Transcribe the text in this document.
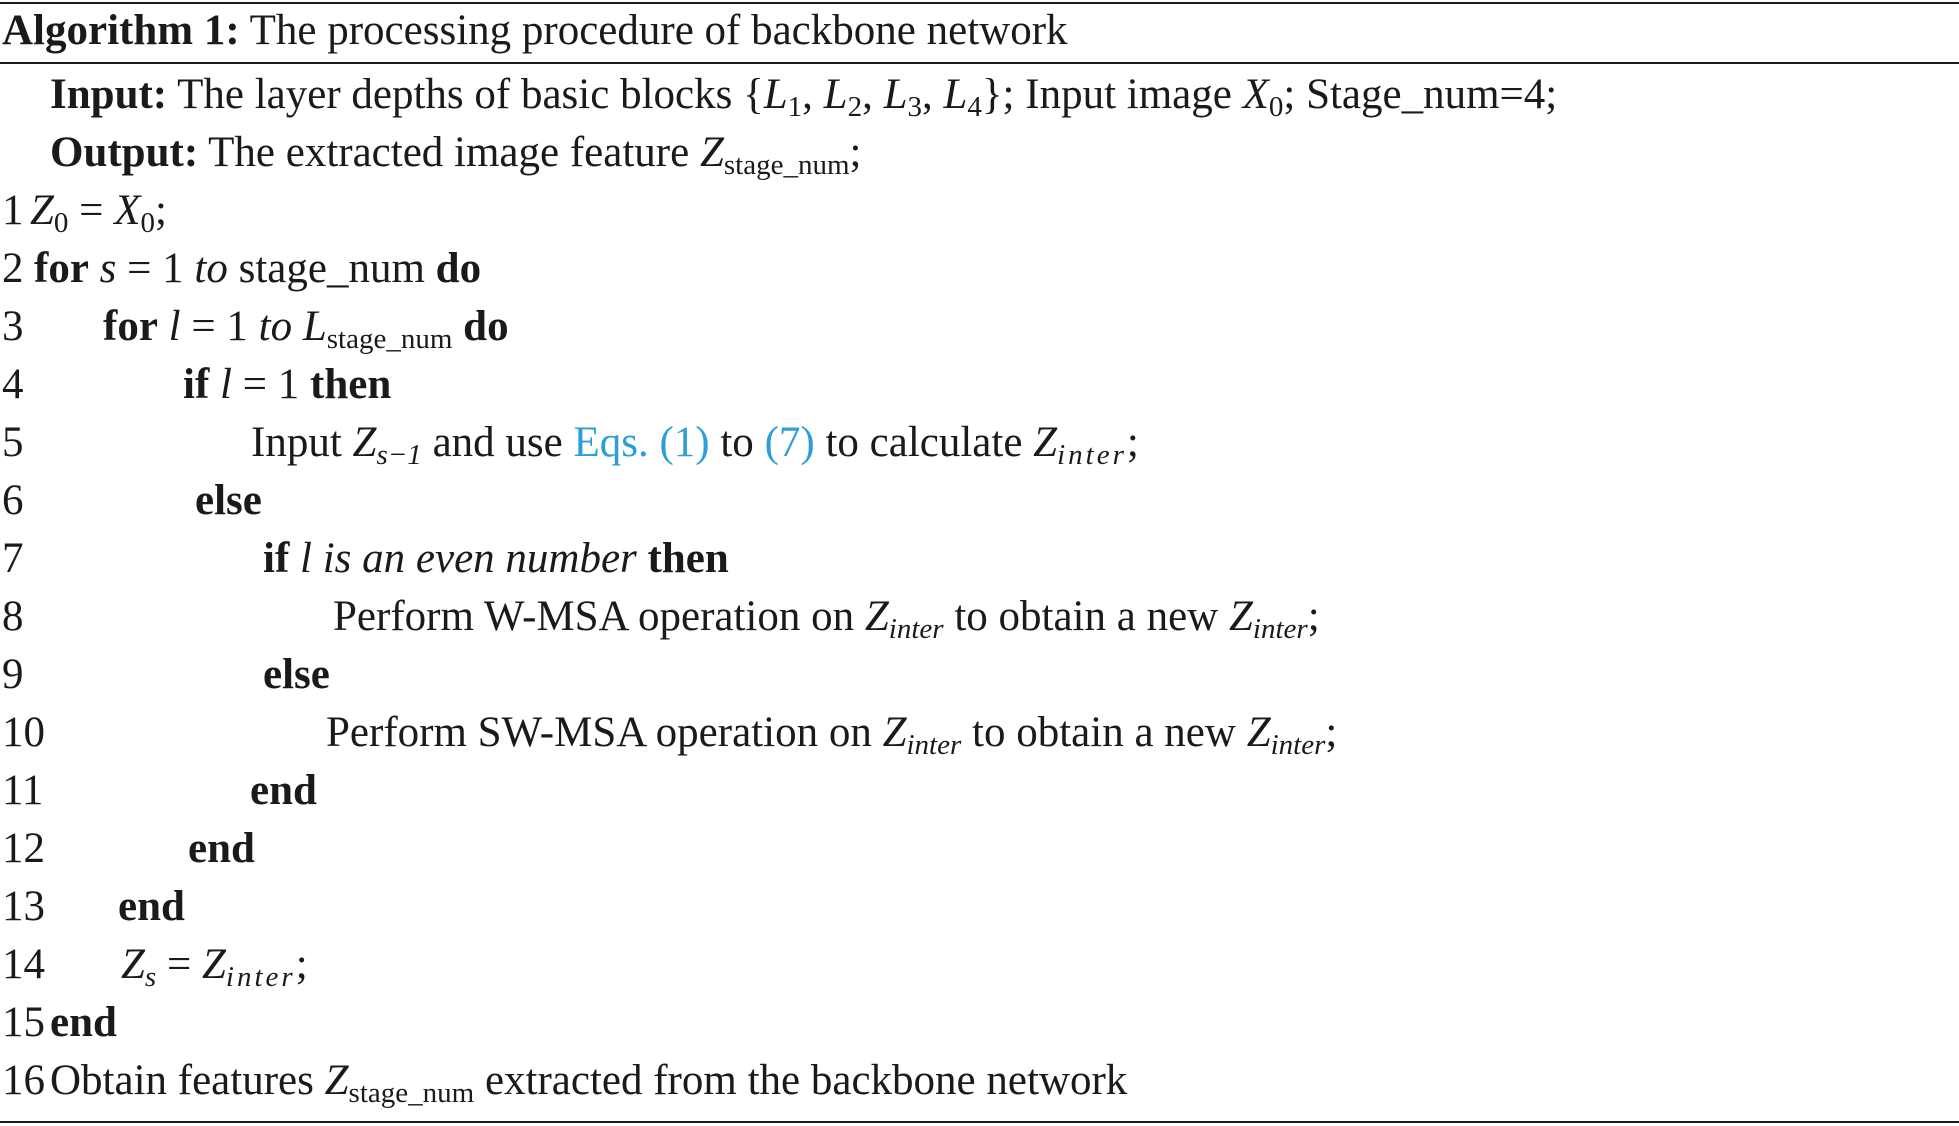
Algorithm 1: The processing procedure of backbone network
Input: The layer depths of basic blocks {$L_1$, $L_2$, $L_3$, $L_4$}; Input image $X_0$; Stage_num=4;
Output: The extracted image feature $Z_{stage\_num}$;
1 $Z_0 = X_0$;
2 for s = 1 to stage_num do
3 for l = 1 to $L_{stage\_num}$ do
4	if l = 1 then
5	Input $Z_{s-1}$ and use Eqs. (1) to (7) to calculate $Z_{inter}$;
6	else
7	if l is an even number then
8	Perform W-MSA operation on $Z_{inter}$ to obtain a new $Z_{inter}$;
9	else
10	Perform SW-MSA operation on $Z_{inter}$ to obtain a new $Z_{inter}$;
11	end
12	end
13 end
14 $Z_s = Z_{inter}$;
15 end
16 Obtain features $Z_{stage\_num}$ extracted from the backbone network
